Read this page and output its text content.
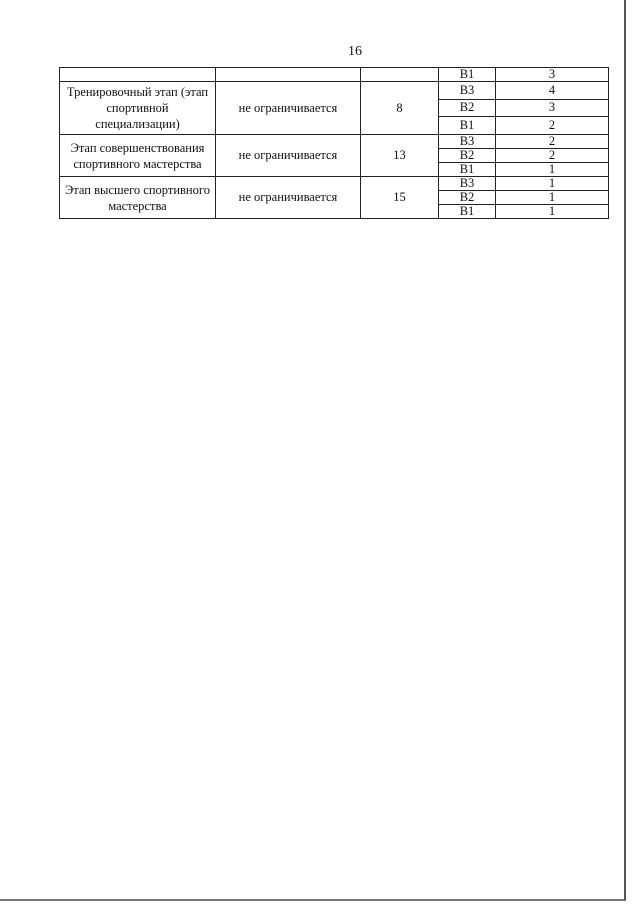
16
			B1	3
Тренировочный этап (этап спортивной специализации)	не ограничивается	8	B3	4
			B2	3
			B1	2
Этап совершенствования спортивного мастерства	не ограничивается	13	B3	2
			B2	2
			B1	1
Этап высшего спортивного мастерства	не ограничивается	15	B3	1
			B2	1
			B1	1
